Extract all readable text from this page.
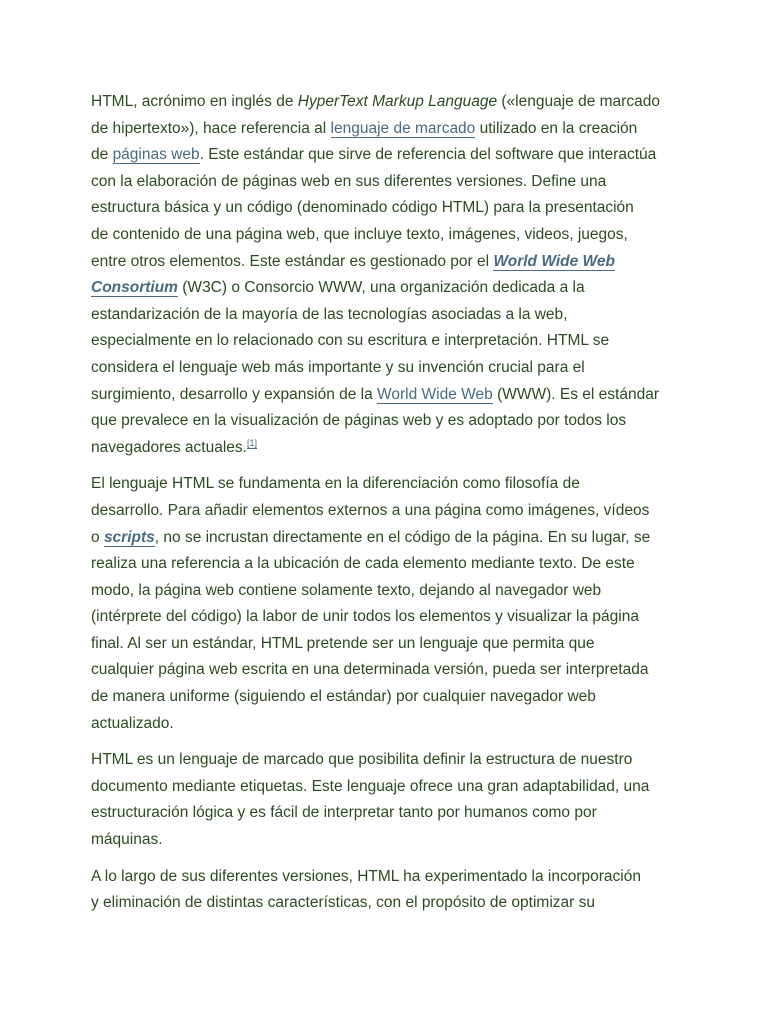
HTML, acrónimo en inglés de HyperText Markup Language («lenguaje de marcado
de hipertexto»), hace referencia al lenguaje de marcado utilizado en la creación
de páginas web. Este estándar que sirve de referencia del software que interactúa
con la elaboración de páginas web en sus diferentes versiones. Define una
estructura básica y un código (denominado código HTML) para la presentación
de contenido de una página web, que incluye texto, imágenes, videos, juegos,
entre otros elementos. Este estándar es gestionado por el World Wide Web
Consortium (W3C) o Consorcio WWW, una organización dedicada a la
estandarización de la mayoría de las tecnologías asociadas a la web,
especialmente en lo relacionado con su escritura e interpretación. HTML se
considera el lenguaje web más importante y su invención crucial para el
surgimiento, desarrollo y expansión de la World Wide Web (WWW). Es el estándar
que prevalece en la visualización de páginas web y es adoptado por todos los
navegadores actuales.[1]

El lenguaje HTML se fundamenta en la diferenciación como filosofía de
desarrollo. Para añadir elementos externos a una página como imágenes, vídeos
o scripts, no se incrustan directamente en el código de la página. En su lugar, se
realiza una referencia a la ubicación de cada elemento mediante texto. De este
modo, la página web contiene solamente texto, dejando al navegador web
(intérprete del código) la labor de unir todos los elementos y visualizar la página
final. Al ser un estándar, HTML pretende ser un lenguaje que permita que
cualquier página web escrita en una determinada versión, pueda ser interpretada
de manera uniforme (siguiendo el estándar) por cualquier navegador web
actualizado.

HTML es un lenguaje de marcado que posibilita definir la estructura de nuestro
documento mediante etiquetas. Este lenguaje ofrece una gran adaptabilidad, una
estructuración lógica y es fácil de interpretar tanto por humanos como por
máquinas.

A lo largo de sus diferentes versiones, HTML ha experimentado la incorporación
y eliminación de distintas características, con el propósito de optimizar su
